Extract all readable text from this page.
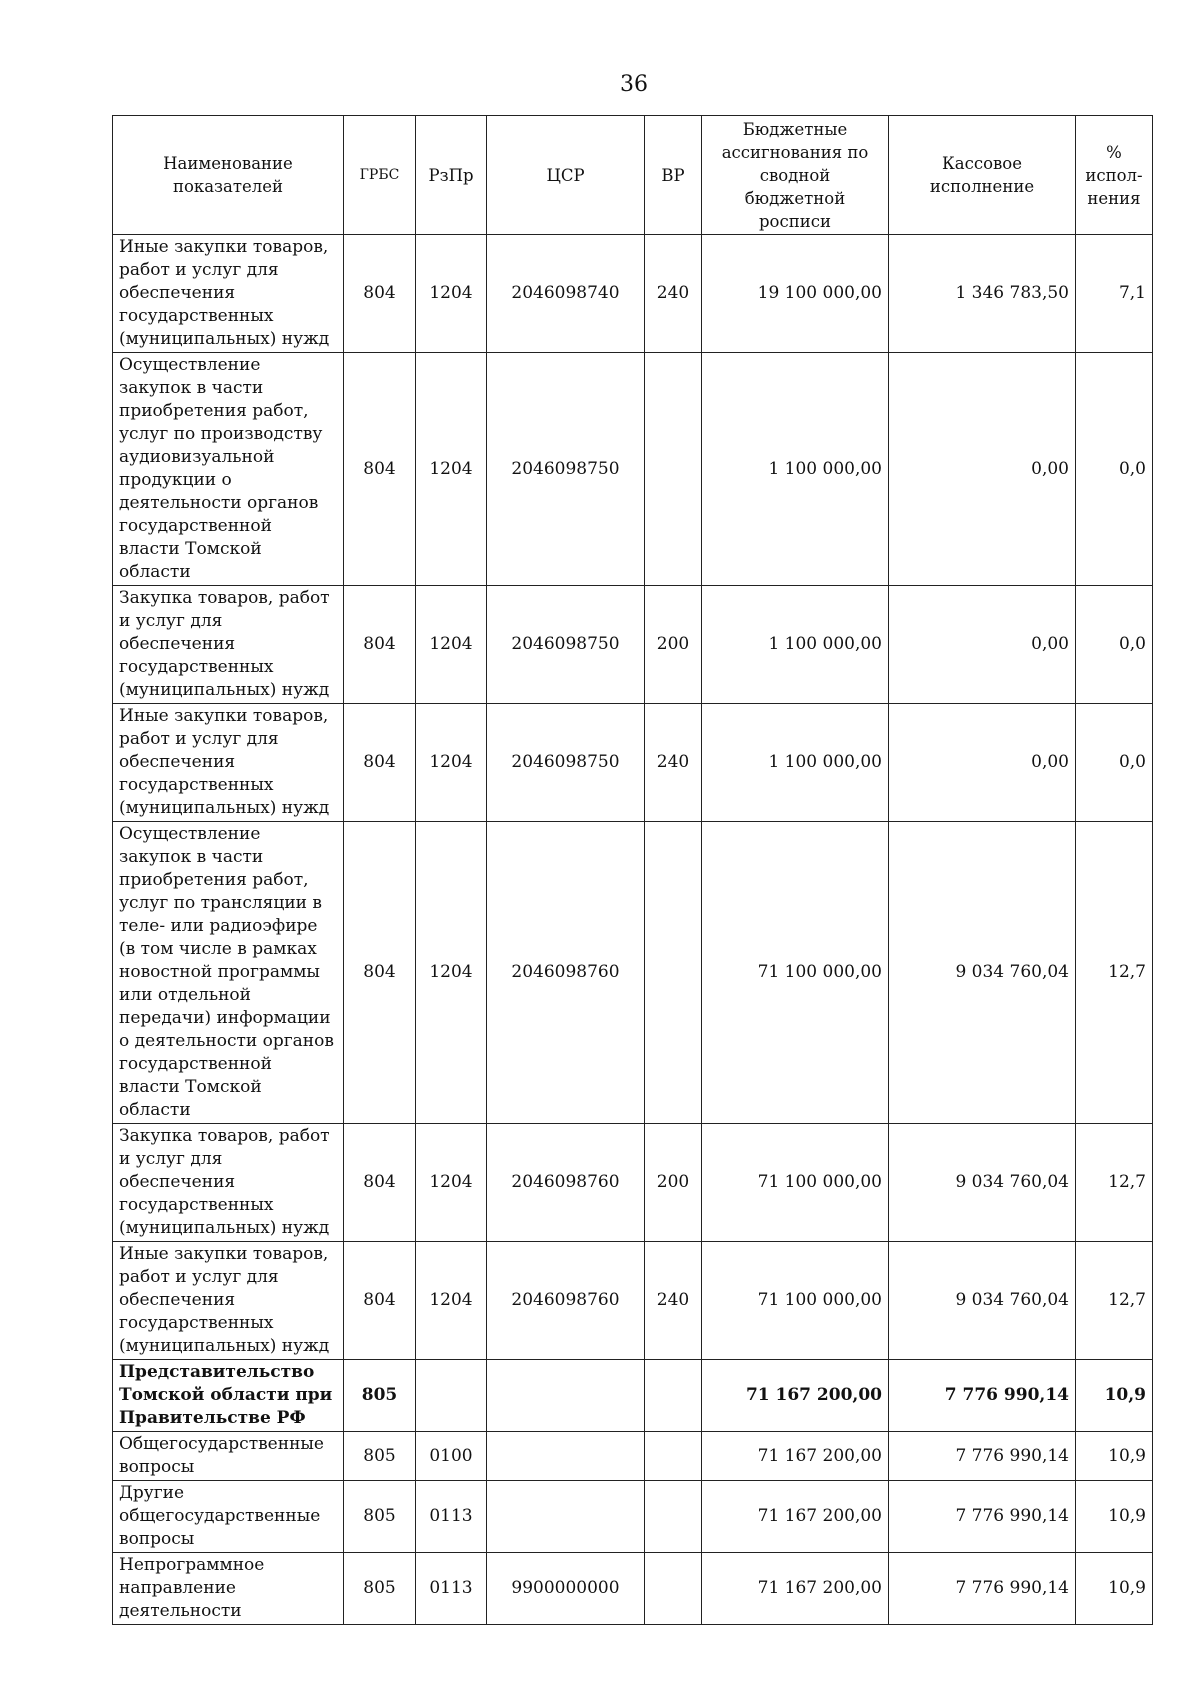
36
Наименование показателей	ГРБС	РзПр	ЦСР	ВР	Бюджетные ассигнования по сводной бюджетной росписи	Кассовое исполнение	% испол-нения
Иные закупки товаров, работ и услуг для обеспечения государственных (муниципальных) нужд	804	1204	2046098740	240	19 100 000,00	1 346 783,50	7,1
Осуществление закупок в части приобретения работ, услуг по производству аудиовизуальной продукции о деятельности органов государственной власти Томской области	804	1204	2046098750		1 100 000,00	0,00	0,0
Закупка товаров, работ и услуг для обеспечения государственных (муниципальных) нужд	804	1204	2046098750	200	1 100 000,00	0,00	0,0
Иные закупки товаров, работ и услуг для обеспечения государственных (муниципальных) нужд	804	1204	2046098750	240	1 100 000,00	0,00	0,0
Осуществление закупок в части приобретения работ, услуг по трансляции в теле- или радиоэфире (в том числе в рамках новостной программы или отдельной передачи) информации о деятельности органов государственной власти Томской области	804	1204	2046098760		71 100 000,00	9 034 760,04	12,7
Закупка товаров, работ и услуг для обеспечения государственных (муниципальных) нужд	804	1204	2046098760	200	71 100 000,00	9 034 760,04	12,7
Иные закупки товаров, работ и услуг для обеспечения государственных (муниципальных) нужд	804	1204	2046098760	240	71 100 000,00	9 034 760,04	12,7
Представительство Томской области при Правительстве РФ	805				71 167 200,00	7 776 990,14	10,9
Общегосударственные вопросы	805	0100			71 167 200,00	7 776 990,14	10,9
Другие общегосударственные вопросы	805	0113			71 167 200,00	7 776 990,14	10,9
Непрограммное направление деятельности	805	0113	9900000000		71 167 200,00	7 776 990,14	10,9
